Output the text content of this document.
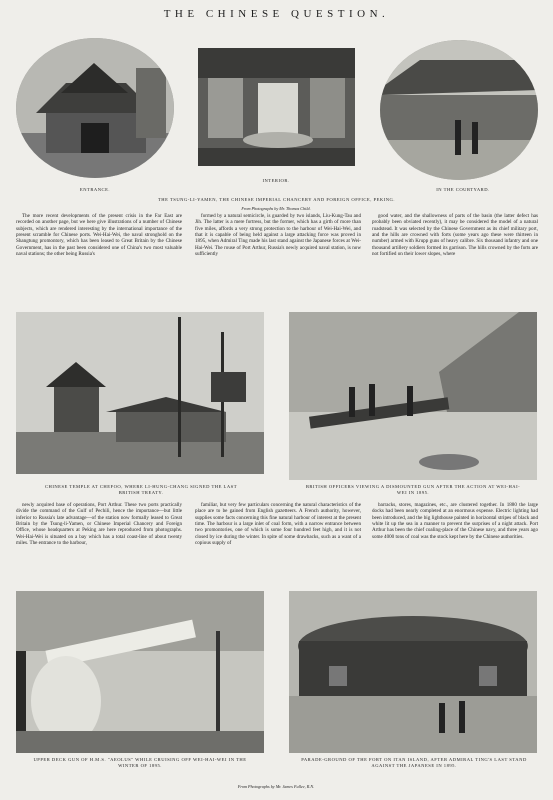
THE CHINESE QUESTION.
ENTRANCE.
INTERIOR.
IN THE COURTYARD.
THE TSUNG-LI-YAMEN, THE CHINESE IMPERIAL CHANCERY AND FOREIGN OFFICE, PEKING.
From Photographs by Mr. Thomas Child.

The more recent developments of the present crisis in the Far East are recorded on another page, but we here give illustrations of a number of Chinese subjects, which are rendered interesting by the international importance of the present scramble for Chinese ports. Wei-Hai-Wei, the naval stronghold on the Shangtung promontory, which has been leased to Great Britain by the Chinese Government, has in the past been considered one of China's two most valuable naval stations; the other being Russia's

formed by a natural semicircle, is guarded by two islands, Liu-Kung-Tau and Jih. The latter is a mere fortress, but the former, which has a girth of more than five miles, affords a very strong protection to the harbour of Wei-Hai-Wei, and that it is capable of being held against a large attacking force was proved in 1895, when Admiral Ting made his last stand against the Japanese forces at Wei-Hai-Wei. The rouse of Port Arthur, Russia's newly acquired naval station, is now sufficiently

good water, and the shallowness of parts of the basin (the latter defect has probably been obviated recently), it may be considered the model of a natural roadstead. It was selected by the Chinese Government as its chief military port, and the hills are crowned with forts (some years ago these were thirteen in number) armed with Krupp guns of heavy calibre. Six thousand infantry and one thousand artillery soldiers formed its garrison. The hills crowned by the forts are not fortified on their lower slopes, where

CHINESE TEMPLE AT CHEFOO, WHERE LI-HUNG-CHANG SIGNED THE LAST BRITISH TREATY.
BRITISH OFFICERS VIEWING A DISMOUNTED GUN AFTER THE ACTION AT WEI-HAI-WEI IN 1895.

newly acquired base of operations, Port Arthur. These two ports practically divide the command of the Gulf of Pechili, hence the importance—but little inferior to Russia's late advantage—of the station now formally leased to Great Britain by the Tsung-li-Yamen, or Chinese Imperial Chancery and Foreign Office, whose headquarters at Peking are here reproduced from photographs. Wei-Hai-Wei is situated on a bay which has a total coast-line of about twenty miles. The entrance to the harbour,

familiar, but very few particulars concerning the natural characteristics of the place are to be gained from English gazetteers. A French authority, however, supplies some facts concerning this fine natural harbour of interest at the present time. The harbour is a large inlet of coal form, with a narrow entrance between two promontories, one of which is some four hundred feet high, and it is not closed by ice during the winter. In spite of some drawbacks, such as a want of a copious supply of

barracks, stores, magazines, etc., are clustered together. In 1880 the large docks had been nearly completed at an enormous expense. Electric lighting had been introduced, and the big lighthouse painted in horizontal stripes of black and white lit up the sea in a manner to prevent the surprises of a night attack. Port Arthur has been the chief coaling-place of the Chinese navy, and three years ago some 4000 tons of coal was the stock kept here by the Chinese authorities.

UPPER DECK GUN OF H.M.S. "AEOLUS" WHILE CRUISING OFF WEI-HAI-WEI IN THE WINTER OF 1895.
PARADE-GROUND OF THE FORT ON ITAN ISLAND, AFTER ADMIRAL TING'S LAST STAND AGAINST THE JAPANESE IN 1895.
From Photographs by Mr. James Fullee, R.N.
